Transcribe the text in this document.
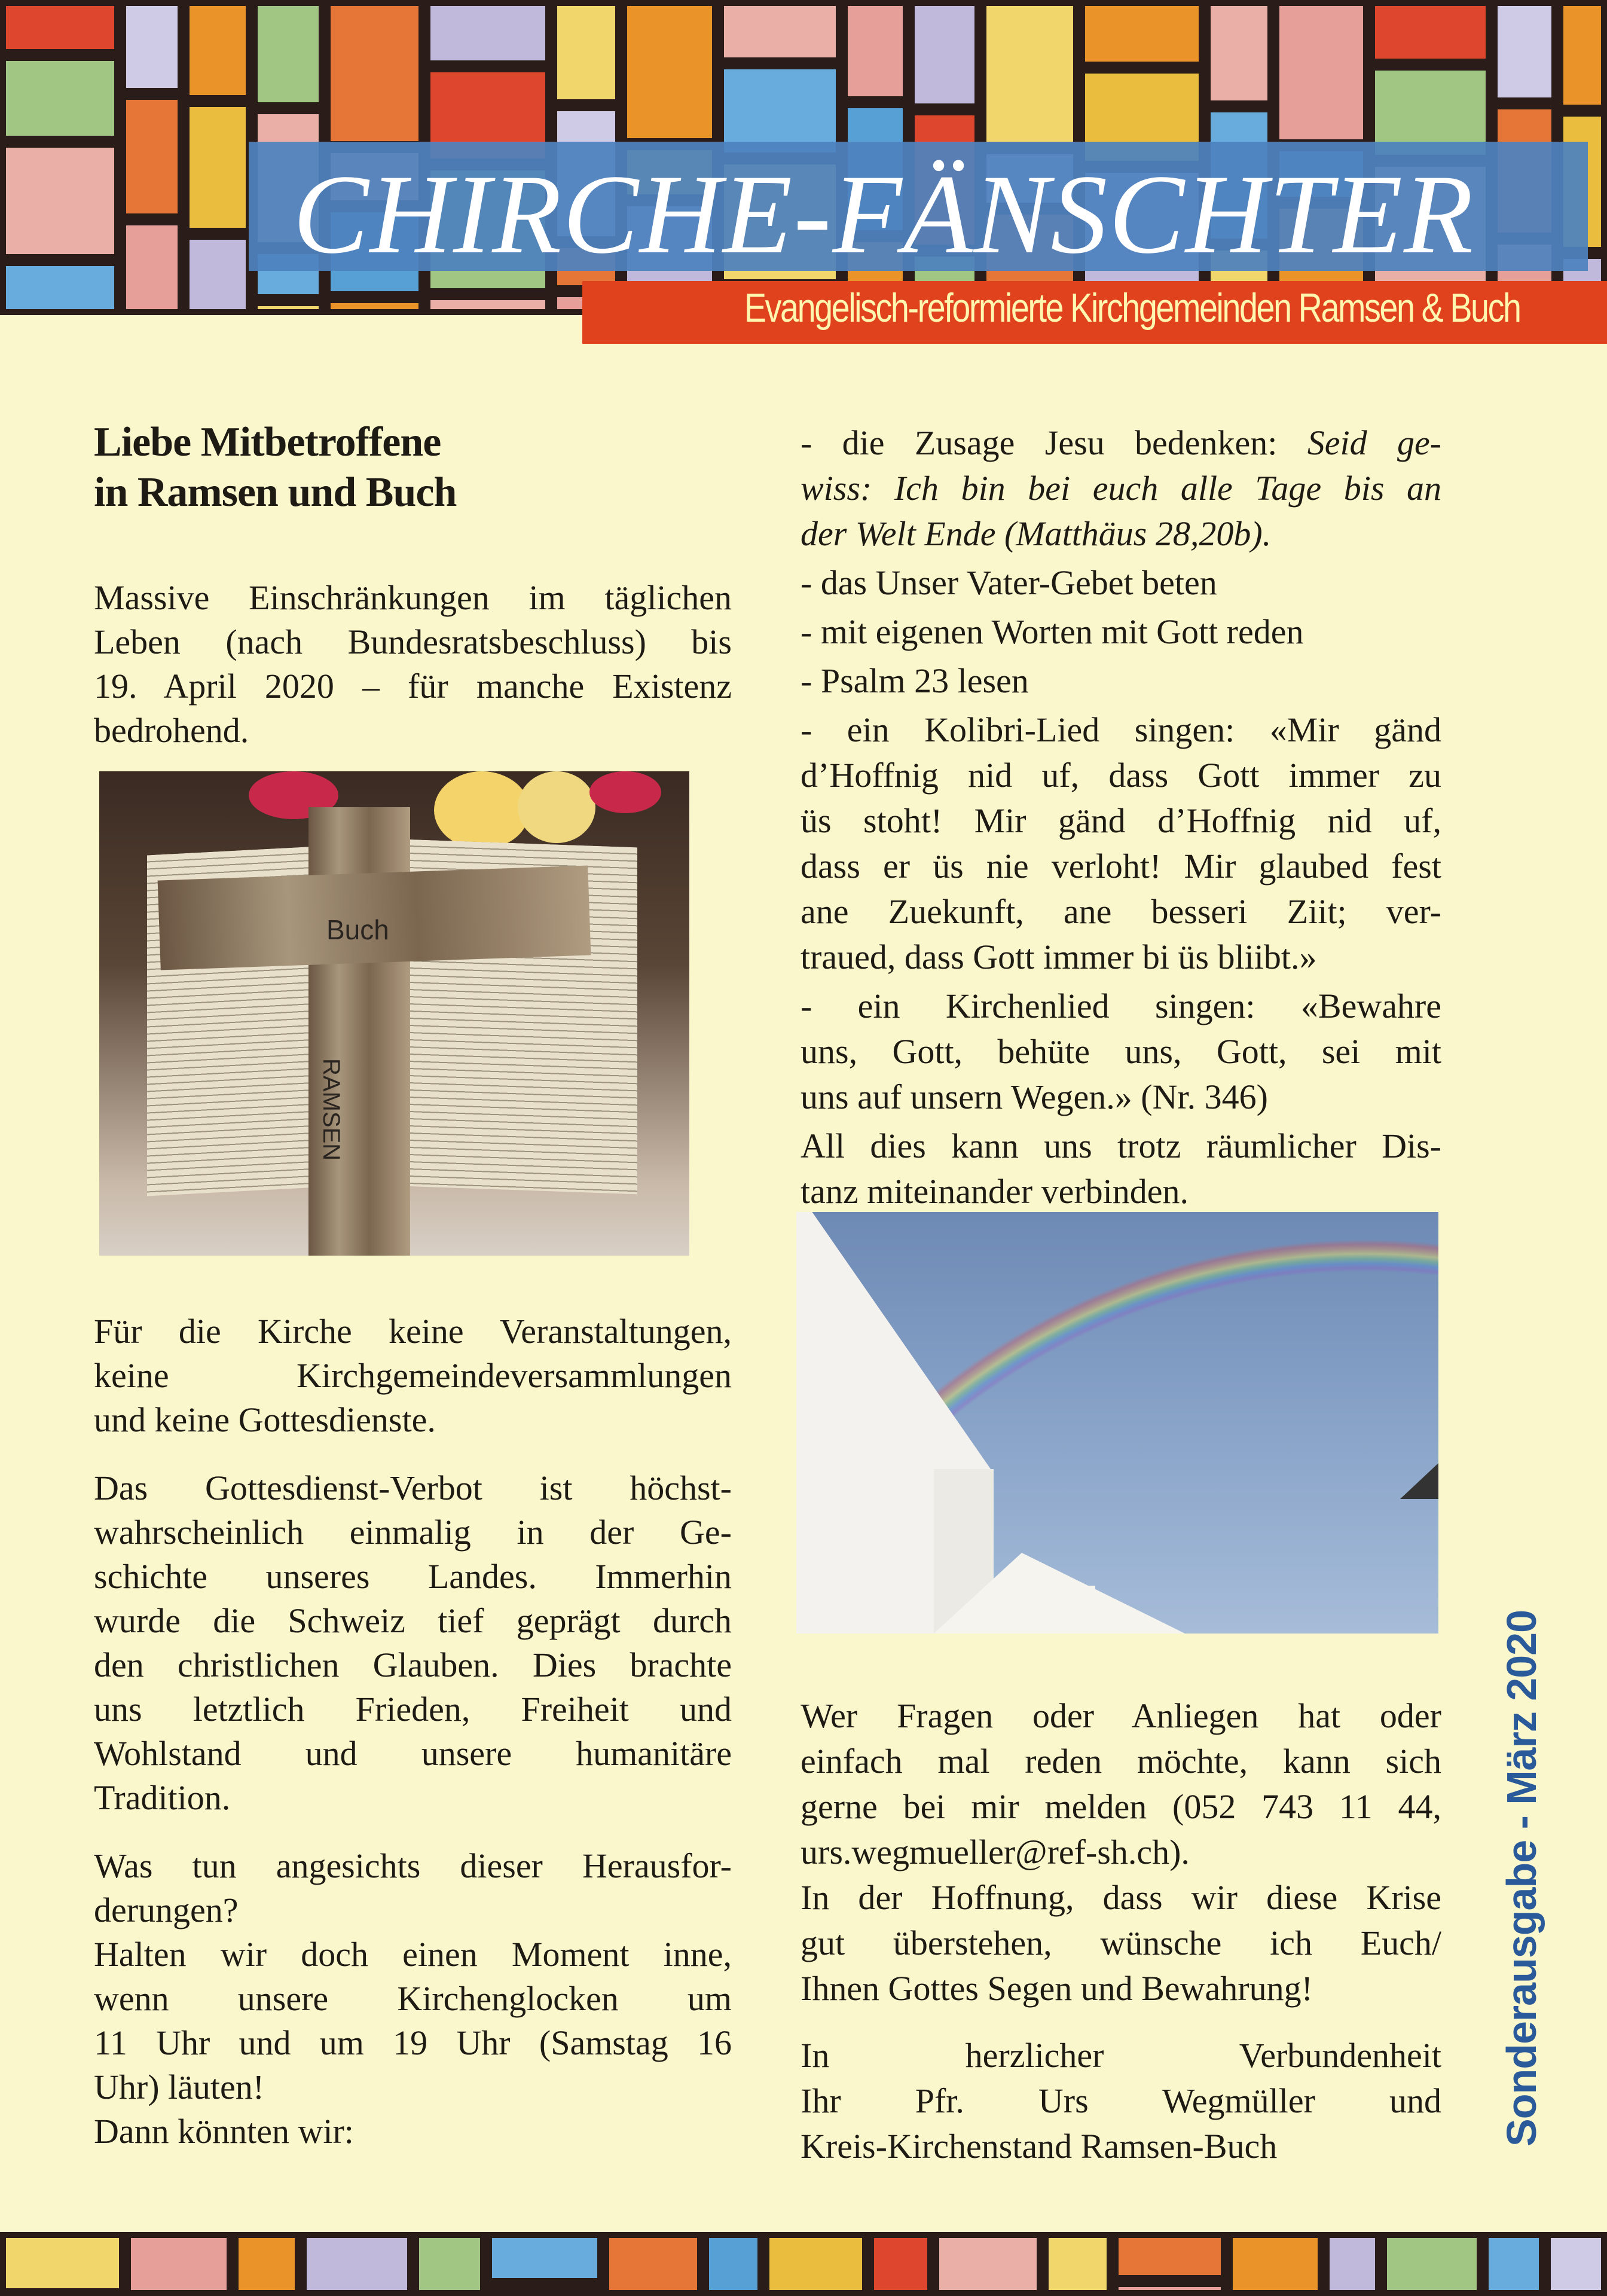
CHIRCHE-FÄNSCHTER
Evangelisch-reformierte Kirchgemeinden Ramsen & Buch
Liebe Mitbetroffene
in Ramsen und Buch
Massive Einschränkungen im täglichen
Leben (nach Bundesratsbeschluss) bis
19. April 2020 – für manche Existenz
bedrohend.
Buch
RAMSEN
Für die Kirche keine Veranstaltungen,
keine Kirchgemeindeversammlungen
und keine Gottesdienste.
Das Gottesdienst-Verbot ist höchst-
wahrscheinlich einmalig in der Ge-
schichte unseres Landes. Immerhin
wurde die Schweiz tief geprägt durch
den christlichen Glauben. Dies brachte
uns letztlich Frieden, Freiheit und
Wohlstand und unsere humanitäre
Tradition.
Was tun angesichts dieser Herausfor-
derungen?
Halten wir doch einen Moment inne,
wenn unsere Kirchenglocken um
11 Uhr und um 19 Uhr (Samstag 16
Uhr) läuten!
Dann könnten wir:
- die Zusage Jesu bedenken: Seid ge-
wiss: Ich bin bei euch alle Tage bis an
der Welt Ende (Matthäus 28,20b).
- das Unser Vater-Gebet beten
- mit eigenen Worten mit Gott reden
- Psalm 23 lesen
- ein Kolibri-Lied singen: «Mir gänd
d’Hoffnig nid uf, dass Gott immer zu
üs stoht! Mir gänd d’Hoffnig nid uf,
dass er üs nie verloht! Mir glaubed fest
ane Zuekunft, ane besseri Ziit; ver-
traued, dass Gott immer bi üs bliibt.»
- ein Kirchenlied singen: «Bewahre
uns, Gott, behüte uns, Gott, sei mit
uns auf unsern Wegen.» (Nr. 346)
All dies kann uns trotz räumlicher Dis-
tanz miteinander verbinden.
Wer Fragen oder Anliegen hat oder
einfach mal reden möchte, kann sich
gerne bei mir melden (052 743 11 44,
urs.wegmueller@ref-sh.ch).
In der Hoffnung, dass wir diese Krise
gut überstehen, wünsche ich Euch/
Ihnen Gottes Segen und Bewahrung!
In herzlicher Verbundenheit
Ihr Pfr. Urs Wegmüller und
Kreis-Kirchenstand Ramsen-Buch	Sonderausgabe - März 2020
